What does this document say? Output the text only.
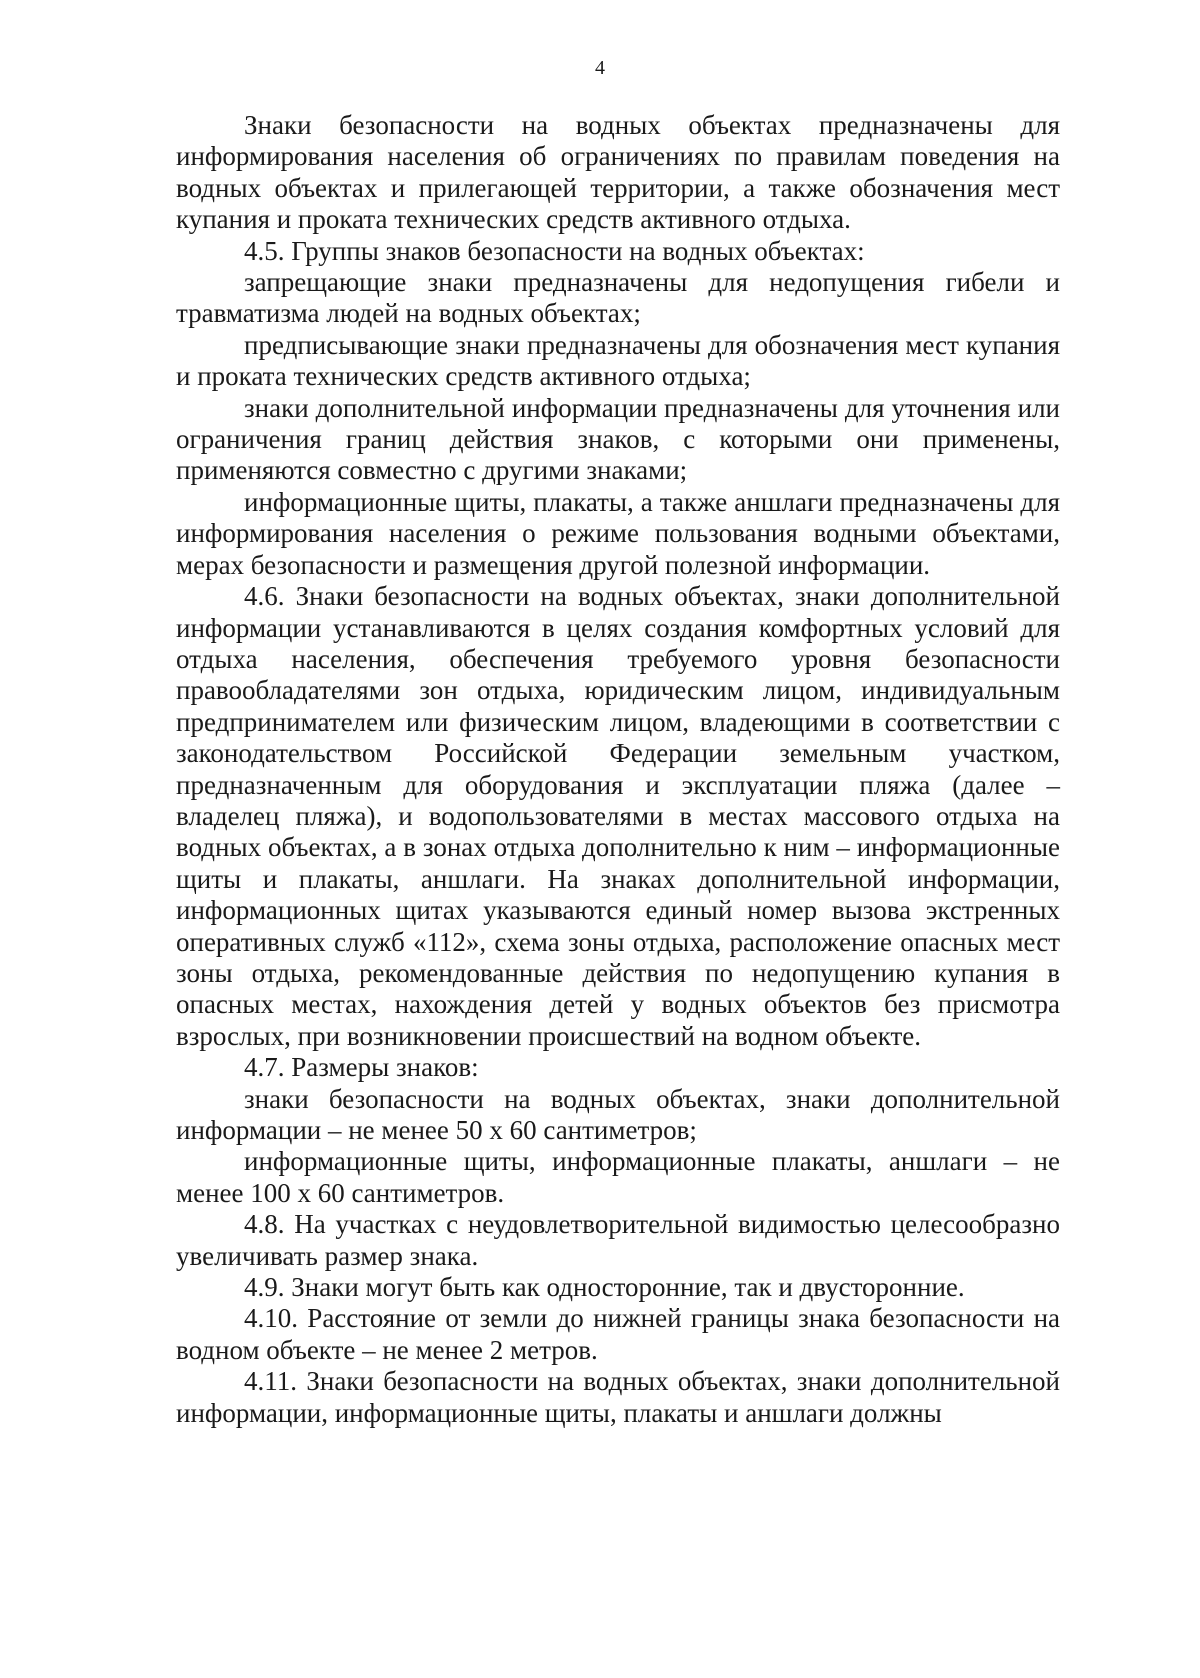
4

Знаки безопасности на водных объектах предназначены для информирования населения об ограничениях по правилам поведения на водных объектах и прилегающей территории, а также обозначения мест купания и проката технических средств активного отдыха.

4.5. Группы знаков безопасности на водных объектах:

запрещающие знаки предназначены для недопущения гибели и травматизма людей на водных объектах;

предписывающие знаки предназначены для обозначения мест купания и проката технических средств активного отдыха;

знаки дополнительной информации предназначены для уточнения или ограничения границ действия знаков, с которыми они применены, применяются совместно с другими знаками;

информационные щиты, плакаты, а также аншлаги предназначены для информирования населения о режиме пользования водными объектами, мерах безопасности и размещения другой полезной информации.

4.6. Знаки безопасности на водных объектах, знаки дополнительной информации устанавливаются в целях создания комфортных условий для отдыха населения, обеспечения требуемого уровня безопасности правообладателями зон отдыха, юридическим лицом, индивидуальным предпринимателем или физическим лицом, владеющими в соответствии с законодательством Российской Федерации земельным участком, предназначенным для оборудования и эксплуатации пляжа (далее – владелец пляжа), и водопользователями в местах массового отдыха на водных объектах, а в зонах отдыха дополнительно к ним – информационные щиты и плакаты, аншлаги. На знаках дополнительной информации, информационных щитах указываются единый номер вызова экстренных оперативных служб «112», схема зоны отдыха, расположение опасных мест зоны отдыха, рекомендованные действия по недопущению купания в опасных местах, нахождения детей у водных объектов без присмотра взрослых, при возникновении происшествий на водном объекте.

4.7. Размеры знаков:

знаки безопасности на водных объектах, знаки дополнительной информации – не менее 50 х 60 сантиметров;

информационные щиты, информационные плакаты, аншлаги – не менее 100 х 60 сантиметров.

4.8. На участках с неудовлетворительной видимостью целесообразно увеличивать размер знака.

4.9. Знаки могут быть как односторонние, так и двусторонние.

4.10. Расстояние от земли до нижней границы знака безопасности на водном объекте – не менее 2 метров.

4.11. Знаки безопасности на водных объектах, знаки дополнительной информации, информационные щиты, плакаты и аншлаги должны
